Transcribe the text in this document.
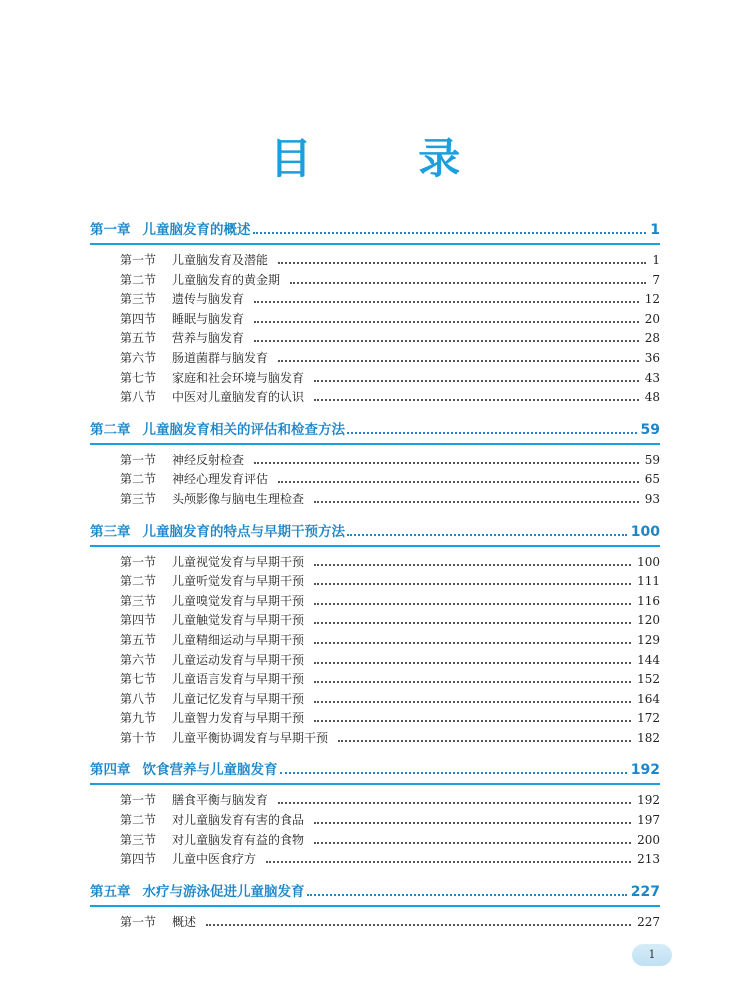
目 录
第一章 儿童脑发育的概述	1
第一节	儿童脑发育及潜能	1
第二节	儿童脑发育的黄金期	7
第三节	遗传与脑发育	12
第四节	睡眠与脑发育	20
第五节	营养与脑发育	28
第六节	肠道菌群与脑发育	36
第七节	家庭和社会环境与脑发育	43
第八节	中医对儿童脑发育的认识	48
第二章 儿童脑发育相关的评估和检查方法	59
第一节	神经反射检查	59
第二节	神经心理发育评估	65
第三节	头颅影像与脑电生理检查	93
第三章 儿童脑发育的特点与早期干预方法	100
第一节	儿童视觉发育与早期干预	100
第二节	儿童听觉发育与早期干预	111
第三节	儿童嗅觉发育与早期干预	116
第四节	儿童触觉发育与早期干预	120
第五节	儿童精细运动与早期干预	129
第六节	儿童运动发育与早期干预	144
第七节	儿童语言发育与早期干预	152
第八节	儿童记忆发育与早期干预	164
第九节	儿童智力发育与早期干预	172
第十节	儿童平衡协调发育与早期干预	182
第四章 饮食营养与儿童脑发育	192
第一节	膳食平衡与脑发育	192
第二节	对儿童脑发育有害的食品	197
第三节	对儿童脑发育有益的食物	200
第四节	儿童中医食疗方	213
第五章 水疗与游泳促进儿童脑发育	227
第一节	概述	227
1
